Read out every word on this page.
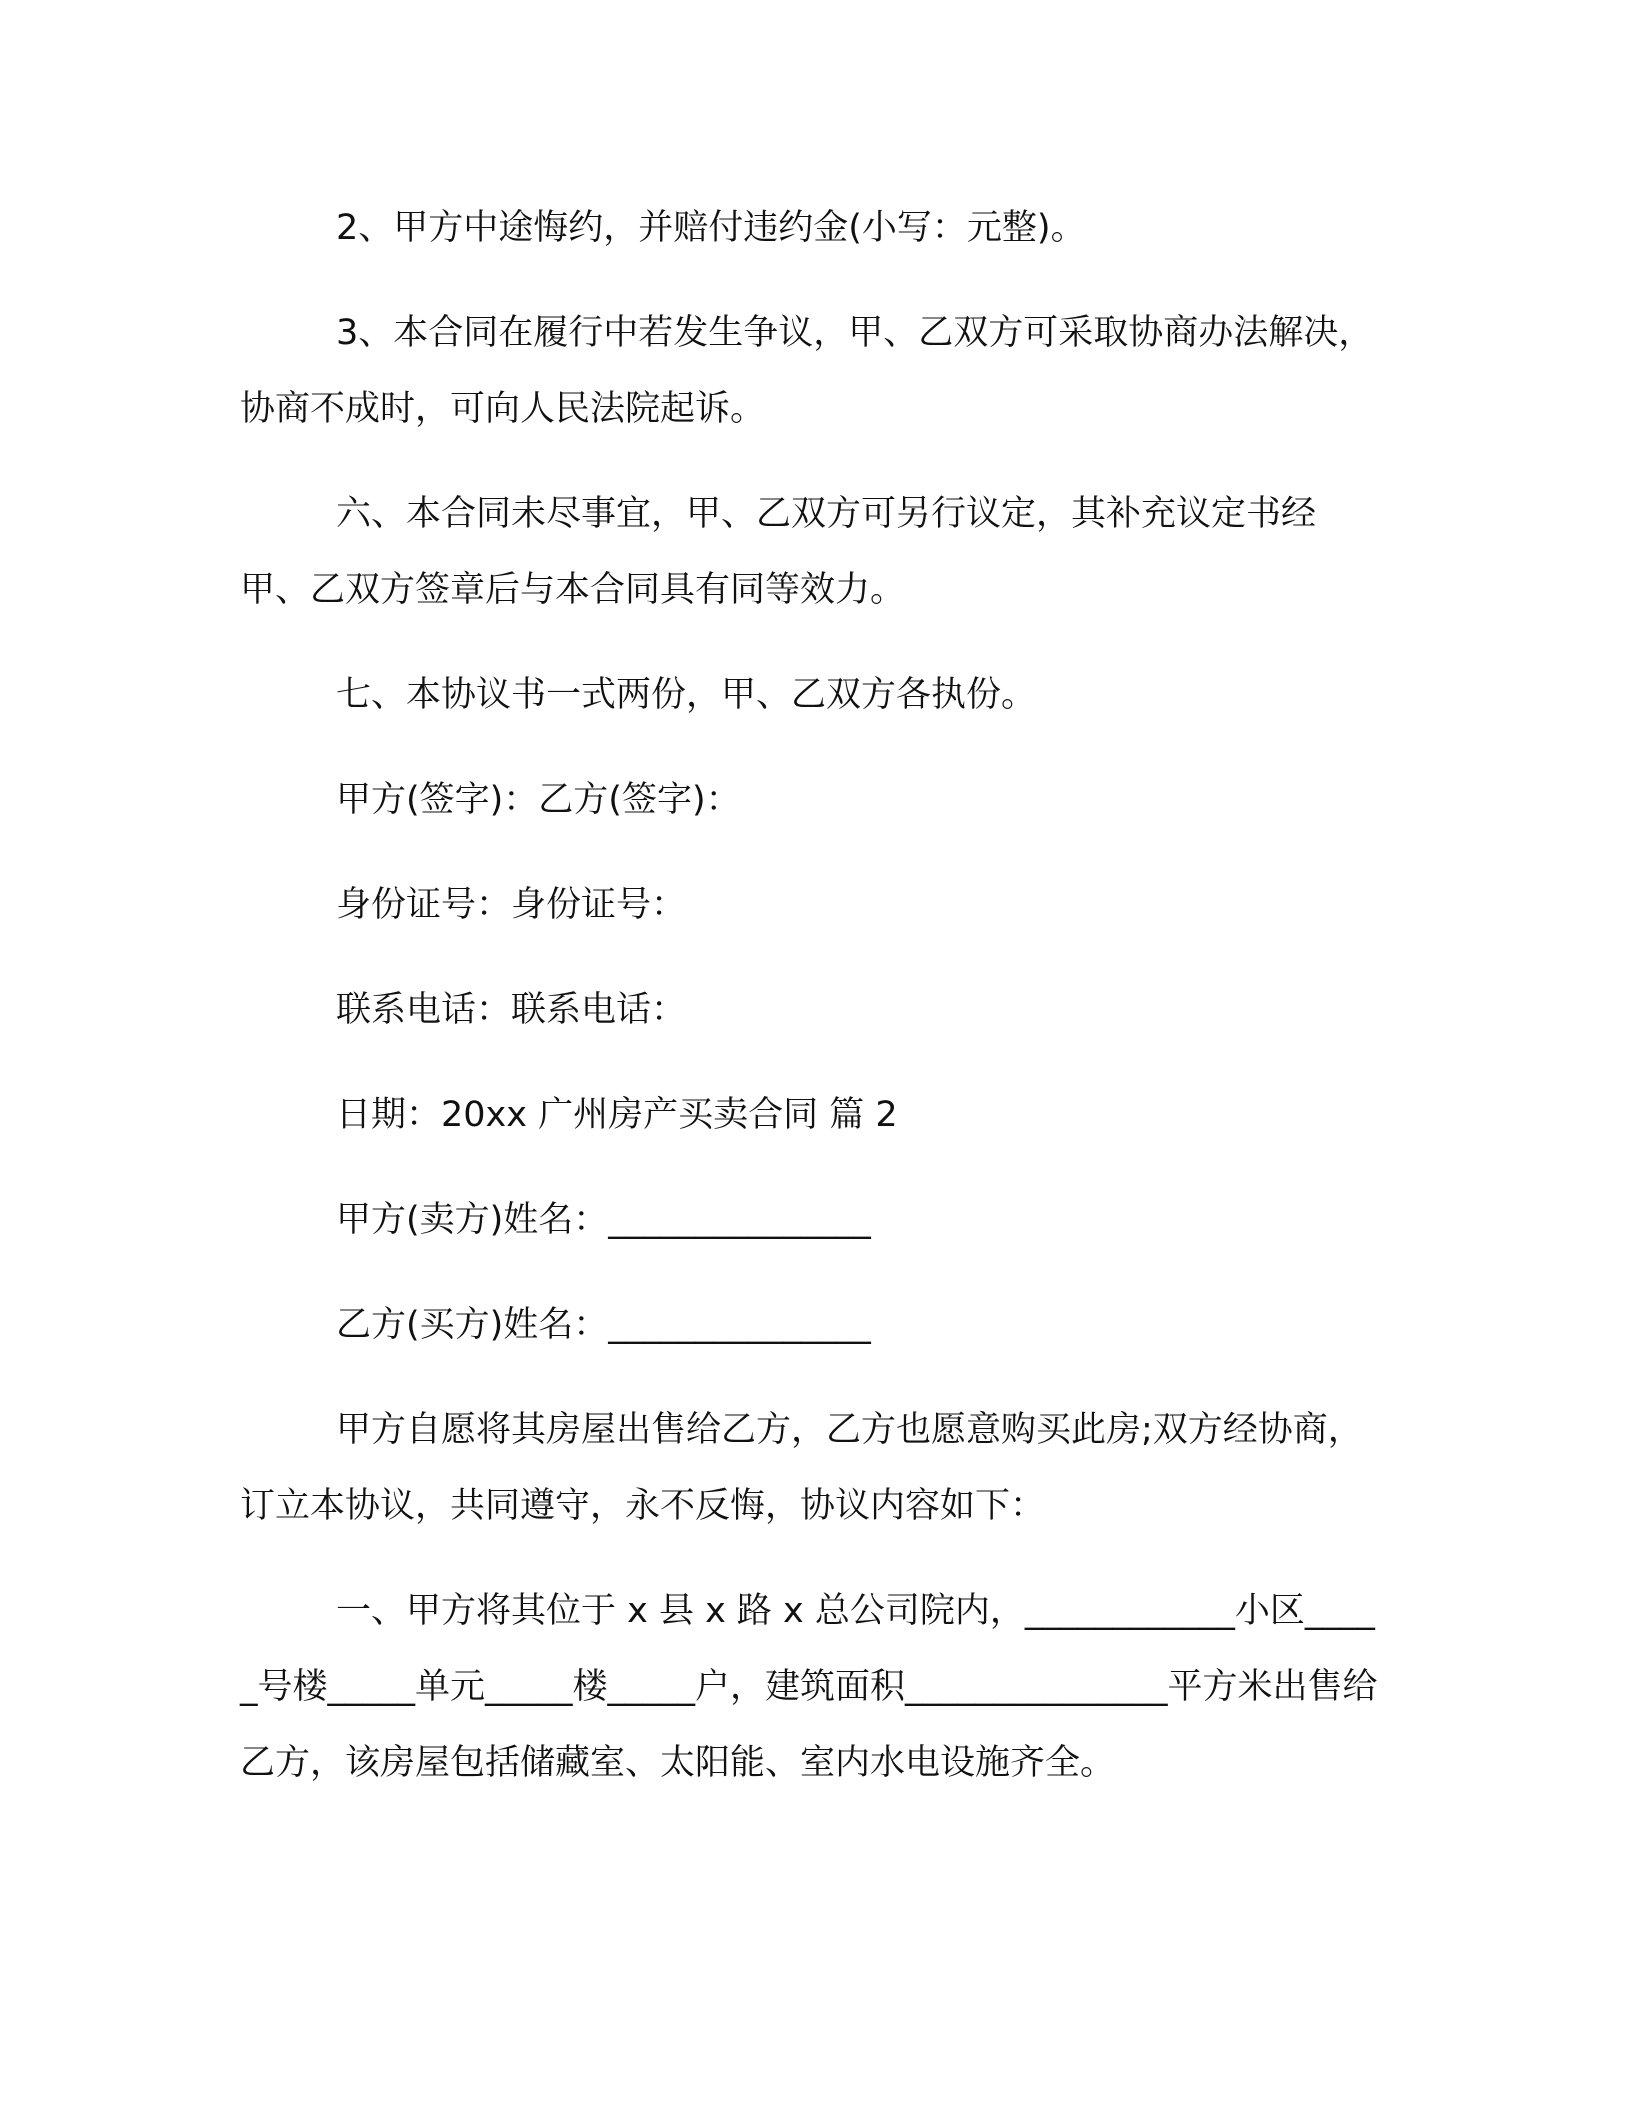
2、甲方中途悔约，并赔付违约金(小写：元整)。

3、本合同在履行中若发生争议，甲、乙双方可采取协商办法解决，协商不成时，可向人民法院起诉。

六、本合同未尽事宜，甲、乙双方可另行议定，其补充议定书经甲、乙双方签章后与本合同具有同等效力。

七、本协议书一式两份，甲、乙双方各执份。

甲方(签字)：乙方(签字)：

身份证号：身份证号：

联系电话：联系电话：

日期：20xx 广州房产买卖合同 篇 2

甲方(卖方)姓名：_______________

乙方(买方)姓名：_______________

甲方自愿将其房屋出售给乙方，乙方也愿意购买此房;双方经协商，订立本协议，共同遵守，永不反悔，协议内容如下：

一、甲方将其位于 x 县 x 路 x 总公司院内，____________小区_____号楼_____单元_____楼_____户，建筑面积_______________平方米出售给乙方，该房屋包括储藏室、太阳能、室内水电设施齐全。
